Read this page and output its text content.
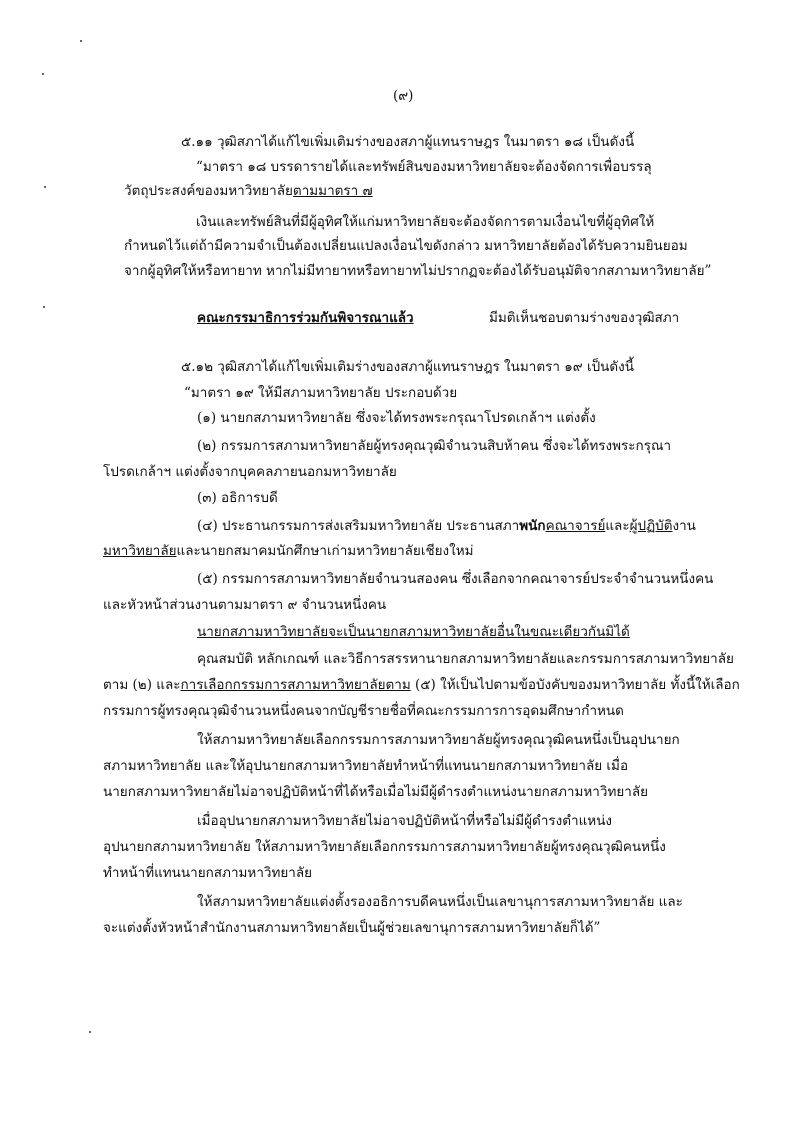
(๙)
๕.๑๑ วุฒิสภาได้แก้ไขเพิ่มเติมร่างของสภาผู้แทนราษฎร ในมาตรา ๑๘ เป็นดังนี้
“มาตรา ๑๘ บรรดารายได้และทรัพย์สินของมหาวิทยาลัยจะต้องจัดการเพื่อบรรลุ
วัตถุประสงค์ของมหาวิทยาลัยตามมาตรา ๗
เงินและทรัพย์สินที่มีผู้อุทิศให้แก่มหาวิทยาลัยจะต้องจัดการตามเงื่อนไขที่ผู้อุทิศให้
กำหนดไว้แต่ถ้ามีความจำเป็นต้องเปลี่ยนแปลงเงื่อนไขดังกล่าว มหาวิทยาลัยต้องได้รับความยินยอม
จากผู้อุทิศให้หรือทายาท หากไม่มีทายาทหรือทายาทไม่ปรากฏจะต้องได้รับอนุมัติจากสภามหาวิทยาลัย”
คณะกรรมาธิการร่วมกันพิจารณาแล้ว	มีมติเห็นชอบตามร่างของวุฒิสภา
๕.๑๒ วุฒิสภาได้แก้ไขเพิ่มเติมร่างของสภาผู้แทนราษฎร ในมาตรา ๑๙ เป็นดังนี้
“มาตรา ๑๙ ให้มีสภามหาวิทยาลัย ประกอบด้วย
(๑) นายกสภามหาวิทยาลัย ซึ่งจะได้ทรงพระกรุณาโปรดเกล้าฯ แต่งตั้ง
(๒) กรรมการสภามหาวิทยาลัยผู้ทรงคุณวุฒิจำนวนสิบห้าคน ซึ่งจะได้ทรงพระกรุณา
โปรดเกล้าฯ แต่งตั้งจากบุคคลภายนอกมหาวิทยาลัย
(๓) อธิการบดี
(๔) ประธานกรรมการส่งเสริมมหาวิทยาลัย ประธานสภาพนักคณาจารย์และผู้ปฏิบัติงาน
มหาวิทยาลัยและนายกสมาคมนักศึกษาเก่ามหาวิทยาลัยเชียงใหม่
(๕) กรรมการสภามหาวิทยาลัยจำนวนสองคน ซึ่งเลือกจากคณาจารย์ประจำจำนวนหนึ่งคน
และหัวหน้าส่วนงานตามมาตรา ๙ จำนวนหนึ่งคน
นายกสภามหาวิทยาลัยจะเป็นนายกสภามหาวิทยาลัยอื่นในขณะเดียวกันมิได้
คุณสมบัติ หลักเกณฑ์ และวิธีการสรรหานายกสภามหาวิทยาลัยและกรรมการสภามหาวิทยาลัย
ตาม (๒) และการเลือกกรรมการสภามหาวิทยาลัยตาม (๕) ให้เป็นไปตามข้อบังคับของมหาวิทยาลัย ทั้งนี้ให้เลือก
กรรมการผู้ทรงคุณวุฒิจำนวนหนึ่งคนจากบัญชีรายชื่อที่คณะกรรมการการอุดมศึกษากำหนด
ให้สภามหาวิทยาลัยเลือกกรรมการสภามหาวิทยาลัยผู้ทรงคุณวุฒิคนหนึ่งเป็นอุปนายก
สภามหาวิทยาลัย และให้อุปนายกสภามหาวิทยาลัยทำหน้าที่แทนนายกสภามหาวิทยาลัย เมื่อ
นายกสภามหาวิทยาลัยไม่อาจปฏิบัติหน้าที่ได้หรือเมื่อไม่มีผู้ดำรงตำแหน่งนายกสภามหาวิทยาลัย
เมื่ออุปนายกสภามหาวิทยาลัยไม่อาจปฏิบัติหน้าที่หรือไม่มีผู้ดำรงตำแหน่ง
อุปนายกสภามหาวิทยาลัย ให้สภามหาวิทยาลัยเลือกกรรมการสภามหาวิทยาลัยผู้ทรงคุณวุฒิคนหนึ่ง
ทำหน้าที่แทนนายกสภามหาวิทยาลัย
ให้สภามหาวิทยาลัยแต่งตั้งรองอธิการบดีคนหนึ่งเป็นเลขานุการสภามหาวิทยาลัย และ
จะแต่งตั้งหัวหน้าสำนักงานสภามหาวิทยาลัยเป็นผู้ช่วยเลขานุการสภามหาวิทยาลัยก็ได้”
